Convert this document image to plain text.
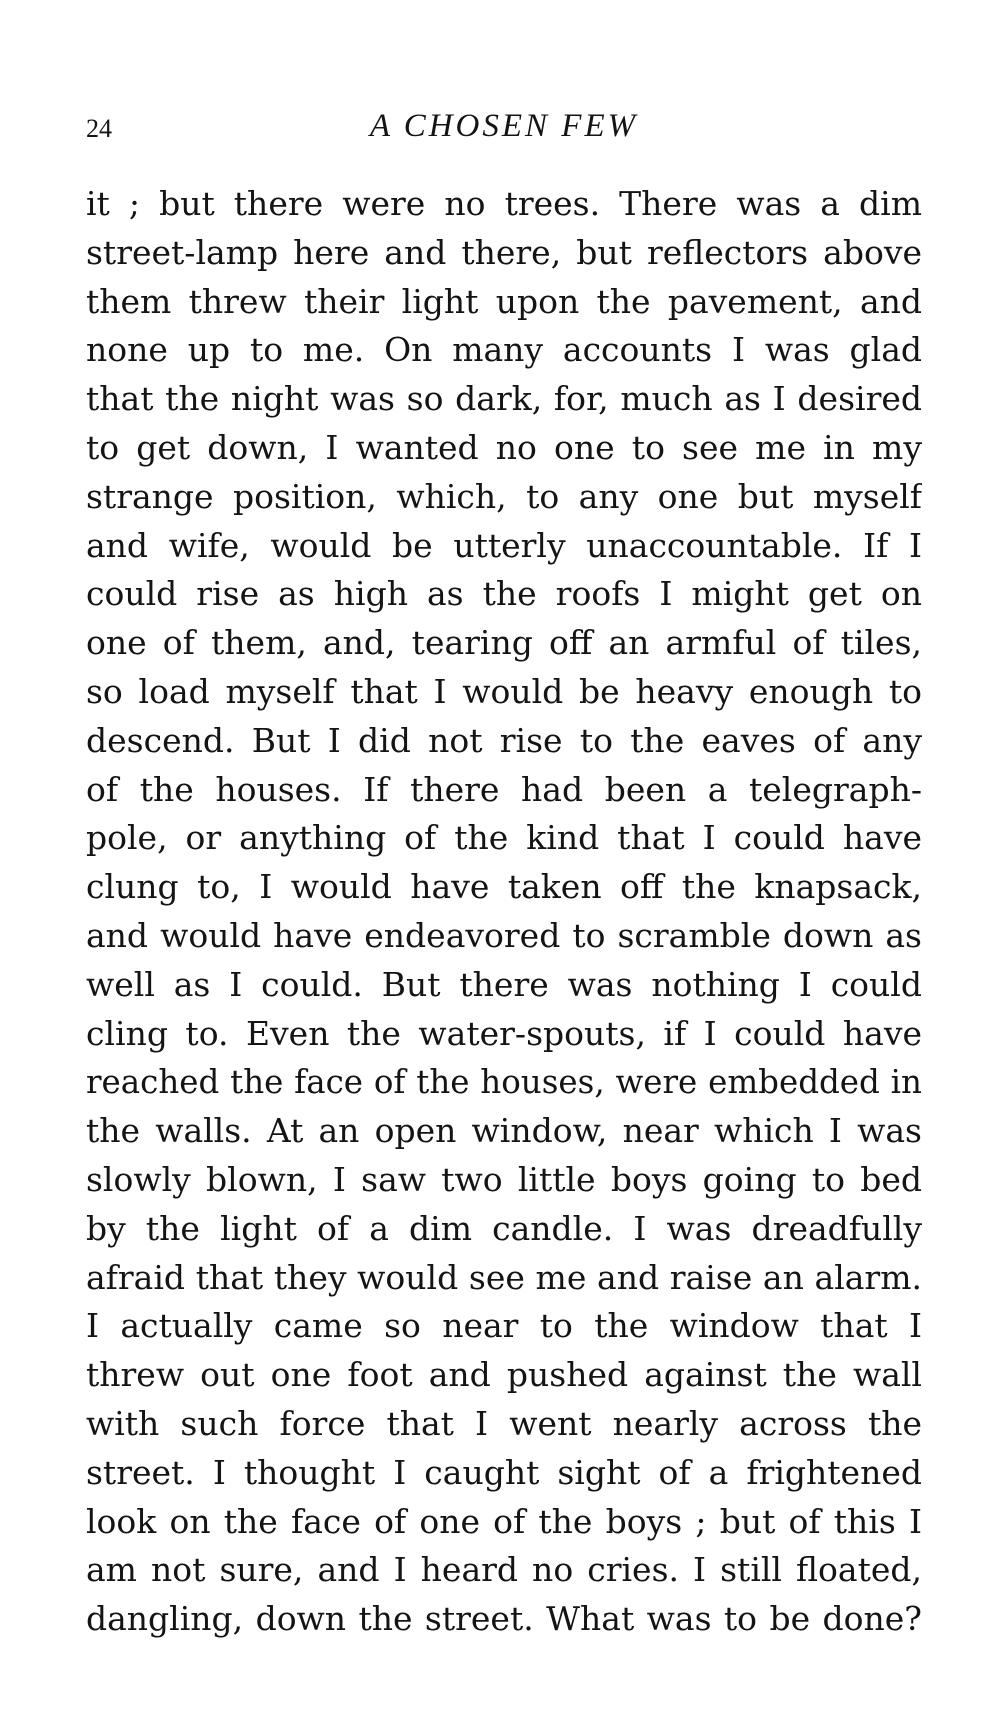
24	A CHOSEN FEW
it ; but there were no trees. There was a dim
street-lamp here and there, but reflectors above
them threw their light upon the pavement, and
none up to me. On many accounts I was glad
that the night was so dark, for, much as I desired
to get down, I wanted no one to see me in my
strange position, which, to any one but myself
and wife, would be utterly unaccountable. If I
could rise as high as the roofs I might get on
one of them, and, tearing off an armful of tiles,
so load myself that I would be heavy enough to
descend. But I did not rise to the eaves of any
of the houses. If there had been a telegraph-
pole, or anything of the kind that I could have
clung to, I would have taken off the knapsack,
and would have endeavored to scramble down as
well as I could. But there was nothing I could
cling to. Even the water-spouts, if I could have
reached the face of the houses, were embedded in
the walls. At an open window, near which I was
slowly blown, I saw two little boys going to bed
by the light of a dim candle. I was dreadfully
afraid that they would see me and raise an alarm.
I actually came so near to the window that I
threw out one foot and pushed against the wall
with such force that I went nearly across the
street. I thought I caught sight of a frightened
look on the face of one of the boys ; but of this I
am not sure, and I heard no cries. I still floated,
dangling, down the street. What was to be done?
